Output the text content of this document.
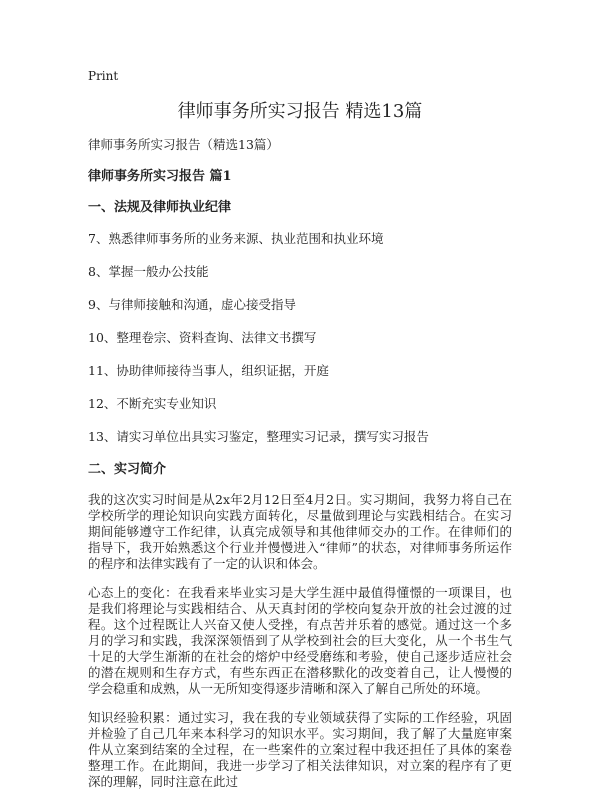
Print
律师事务所实习报告 精选13篇
律师事务所实习报告（精选13篇）
律师事务所实习报告 篇1
一、法规及律师执业纪律
7、熟悉律师事务所的业务来源、执业范围和执业环境
8、掌握一般办公技能
9、与律师接触和沟通，虚心接受指导
10、整理卷宗、资料查询、法律文书撰写
11、协助律师接待当事人，组织证据，开庭
12、不断充实专业知识
13、请实习单位出具实习鉴定，整理实习记录，撰写实习报告
二、实习简介

我的这次实习时间是从2x年2月12日至4月2日。实习期间，我努力将自己在学校所学的理论知识向实践方面转化，尽量做到理论与实践相结合。在实习期间能够遵守工作纪律，认真完成领导和其他律师交办的工作。在律师们的指导下，我开始熟悉这个行业并慢慢进入“律师”的状态，对律师事务所运作的程序和法律实践有了一定的认识和体会。

心态上的变化：在我看来毕业实习是大学生涯中最值得懂憬的一项课目，也是我们将理论与实践相结合、从天真封闭的学校向复杂开放的社会过渡的过程。这个过程既让人兴奋又使人受挫，有点苦并乐着的感觉。通过这一个多月的学习和实践，我深深领悟到了从学校到社会的巨大变化，从一个书生气十足的大学生渐渐的在社会的熔炉中经受磨练和考验，使自己逐步适应社会的潜在规则和生存方式，有些东西正在潜移默化的改变着自己，让人慢慢的学会稳重和成熟，从一无所知变得逐步清晰和深入了解自己所处的环境。

知识经验积累：通过实习，我在我的专业领域获得了实际的工作经验，巩固并检验了自己几年来本科学习的知识水平。实习期间，我了解了大量庭审案件从立案到结案的全过程，在一些案件的立案过程中我还担任了具体的案卷整理工作。在此期间，我进一步学习了相关法律知识，对立案的程序有了更深的理解，同时注意在此过
